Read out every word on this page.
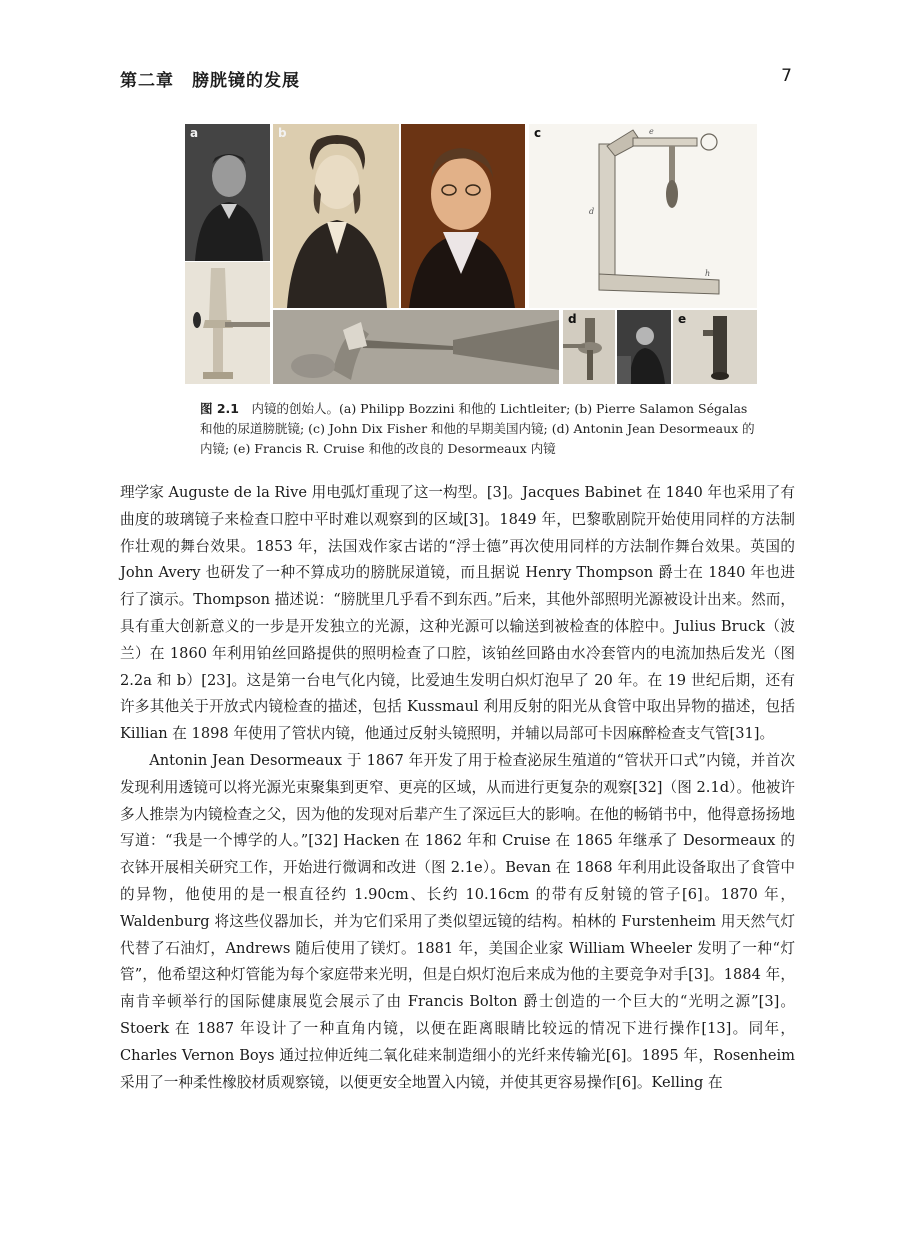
第二章　膀胱镜的发展	7
a	b
d
h
e
c
d	e
图 2.1　内镜的创始人。(a) Philipp Bozzini 和他的 Lichtleiter; (b) Pierre Salamon Ségalas 和他的尿道膀胱镜; (c) John Dix Fisher 和他的早期美国内镜; (d) Antonin Jean Desormeaux 的内镜; (e) Francis R. Cruise 和他的改良的 Desormeaux 内镜

理学家 Auguste de la Rive 用电弧灯重现了这一构型。[3]。Jacques Babinet 在 1840 年也采用了有曲度的玻璃镜子来检查口腔中平时难以观察到的区域[3]。1849 年，巴黎歌剧院开始使用同样的方法制作壮观的舞台效果。1853 年，法国戏作家古诺的“浮士德”再次使用同样的方法制作舞台效果。英国的 John Avery 也研发了一种不算成功的膀胱尿道镜，而且据说 Henry Thompson 爵士在 1840 年也进行了演示。Thompson 描述说：“膀胱里几乎看不到东西。”后来，其他外部照明光源被设计出来。然而，具有重大创新意义的一步是开发独立的光源，这种光源可以输送到被检查的体腔中。Julius Bruck（波兰）在 1860 年利用铂丝回路提供的照明检查了口腔，该铂丝回路由水冷套管内的电流加热后发光（图 2.2a 和 b）[23]。这是第一台电气化内镜，比爱迪生发明白炽灯泡早了 20 年。在 19 世纪后期，还有许多其他关于开放式内镜检查的描述，包括 Kussmaul 利用反射的阳光从食管中取出异物的描述，包括 Killian 在 1898 年使用了管状内镜，他通过反射头镜照明，并辅以局部可卡因麻醉检查支气管[31]。

Antonin Jean Desormeaux 于 1867 年开发了用于检查泌尿生殖道的“管状开口式”内镜，并首次发现利用透镜可以将光源光束聚集到更窄、更亮的区域，从而进行更复杂的观察[32]（图 2.1d）。他被许多人推崇为内镜检查之父，因为他的发现对后辈产生了深远巨大的影响。在他的畅销书中，他得意扬扬地写道：“我是一个博学的人。”[32] Hacken 在 1862 年和 Cruise 在 1865 年继承了 Desormeaux 的衣钵开展相关研究工作，开始进行微调和改进（图 2.1e）。Bevan 在 1868 年利用此设备取出了食管中的异物，他使用的是一根直径约 1.90cm、长约 10.16cm 的带有反射镜的管子[6]。1870 年，Waldenburg 将这些仪器加长，并为它们采用了类似望远镜的结构。柏林的 Furstenheim 用天然气灯代替了石油灯，Andrews 随后使用了镁灯。1881 年，美国企业家 William Wheeler 发明了一种“灯管”，他希望这种灯管能为每个家庭带来光明，但是白炽灯泡后来成为他的主要竞争对手[3]。1884 年，南肯辛顿举行的国际健康展览会展示了由 Francis Bolton 爵士创造的一个巨大的“光明之源”[3]。Stoerk 在 1887 年设计了一种直角内镜，以便在距离眼睛比较远的情况下进行操作[13]。同年，Charles Vernon Boys 通过拉伸近纯二氧化硅来制造细小的光纤来传输光[6]。1895 年，Rosenheim 采用了一种柔性橡胶材质观察镜，以便更安全地置入内镜，并使其更容易操作[6]。Kelling 在
